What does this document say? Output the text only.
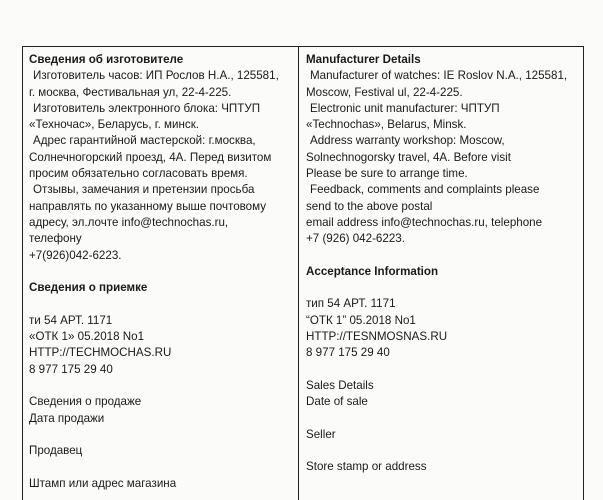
Сведения об изготовителе
Изготовитель часов: ИП Рослов Н.А., 125581,
г. москва, Фестивальная ул, 22-4-225.
Изготовитель электронного блока: ЧПТУП
«Техночас», Беларусь, г. минск.
Адрес гарантийной мастерской: г.москва,
Солнечногорский проезд, 4А. Перед визитом
просим обязательно согласовать время.
Отзывы, замечания и претензии просьба
направлять по указанному выше почтовому
адресу, эл.лочте info@technochas.ru,
телефону
+7(926)042-6223.
Сведения о приемке
ти 54 АРТ. 1171
«ОТК 1» 05.2018 No1
HTTP://TECHMOCHAS.RU
8 977 175 29 40
Сведения о продаже
Дата продажи
Продавец
Штамп или адрес магазина
Manufacturer Details
Manufacturer of watches: IE Roslov N.A., 125581,
Moscow, Festival ul, 22-4-225.
Electronic unit manufacturer: ЧПТУП
«Technochas», Belarus, Minsk.
Address warranty workshop: Moscow,
Solnechnogorsky travel, 4A. Before visit
Please be sure to arrange time.
Feedback, comments and complaints please
send to the above postal
email address info@technochas.ru, telephone
+7 (926) 042-6223.
Acceptance Information
тип 54 АРТ. 1171
“ОТК 1” 05.2018 No1
HTTP://TESNMOSNAS.RU
8 977 175 29 40
Sales Details
Date of sale
Seller
Store stamp or address
